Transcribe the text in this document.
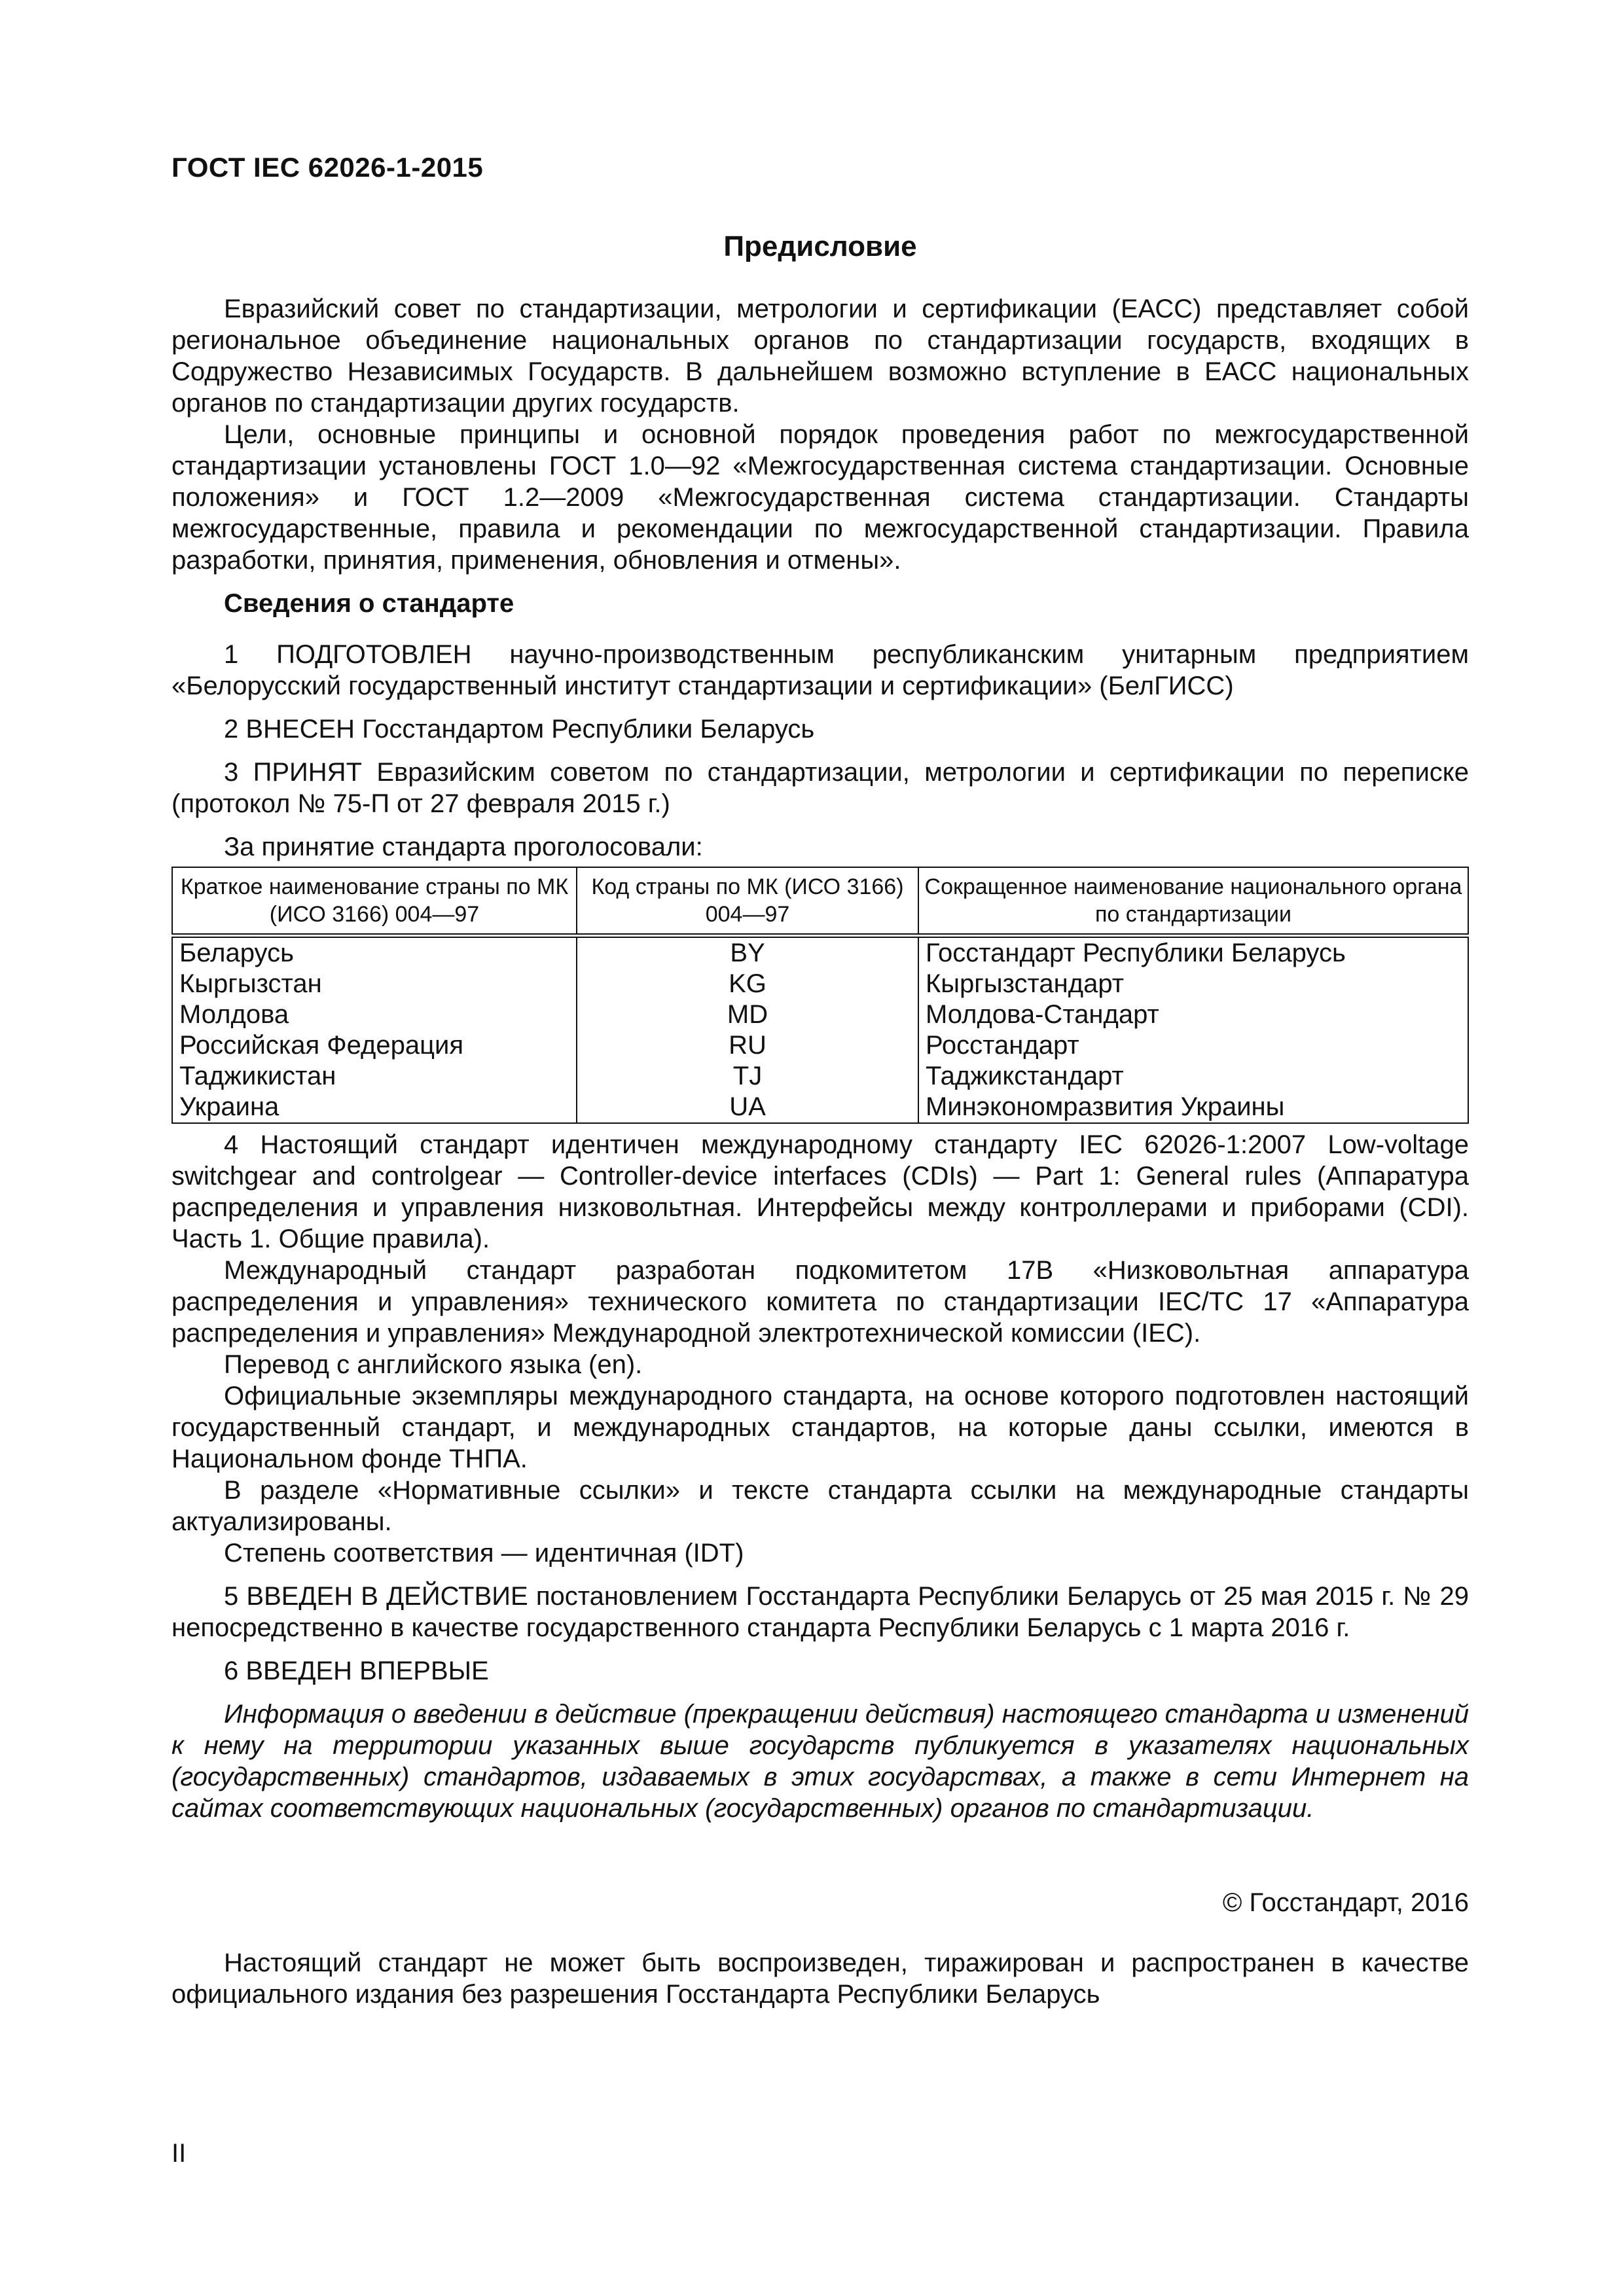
ГОСТ IEC 62026-1-2015
Предисловие

Евразийский совет по стандартизации, метрологии и сертификации (ЕАСС) представляет собой региональное объединение национальных органов по стандартизации государств, входящих в Содружество Независимых Государств. В дальнейшем возможно вступление в ЕАСС национальных органов по стандартизации других государств.

Цели, основные принципы и основной порядок проведения работ по межгосударственной стандартизации установлены ГОСТ 1.0—92 «Межгосударственная система стандартизации. Основные положения» и ГОСТ 1.2—2009 «Межгосударственная система стандартизации. Стандарты межгосударственные, правила и рекомендации по межгосударственной стандартизации. Правила разработки, принятия, применения, обновления и отмены».

Сведения о стандарте

1 ПОДГОТОВЛЕН научно-производственным республиканским унитарным предприятием «Белорусский государственный институт стандартизации и сертификации» (БелГИСС)

2 ВНЕСЕН Госстандартом Республики Беларусь

3 ПРИНЯТ Евразийским советом по стандартизации, метрологии и сертификации по переписке (протокол № 75-П от 27 февраля 2015 г.)

За принятие стандарта проголосовали:

Краткое наименование страны по МК (ИСО 3166) 004—97	Код страны по МК (ИСО 3166) 004—97	Сокращенное наименование национального органа по стандартизации
Беларусь	BY	Госстандарт Республики Беларусь
Кыргызстан	KG	Кыргызстандарт
Молдова	MD	Молдова-Стандарт
Российская Федерация	RU	Росстандарт
Таджикистан	TJ	Таджикстандарт
Украина	UA	Минэкономразвития Украины

4 Настоящий стандарт идентичен международному стандарту IEC 62026-1:2007 Low-voltage switchgear and controlgear — Controller-device interfaces (CDIs) — Part 1: General rules (Аппаратура распределения и управления низковольтная. Интерфейсы между контроллерами и приборами (CDI). Часть 1. Общие правила).

Международный стандарт разработан подкомитетом 17В «Низковольтная аппаратура распределения и управления» технического комитета по стандартизации IEC/TC 17 «Аппаратура распределения и управления» Международной электротехнической комиссии (IEC).

Перевод с английского языка (en).

Официальные экземпляры международного стандарта, на основе которого подготовлен настоящий государственный стандарт, и международных стандартов, на которые даны ссылки, имеются в Национальном фонде ТНПА.

В разделе «Нормативные ссылки» и тексте стандарта ссылки на международные стандарты актуализированы.

Степень соответствия — идентичная (IDT)

5 ВВЕДЕН В ДЕЙСТВИЕ постановлением Госстандарта Республики Беларусь от 25 мая 2015 г. № 29 непосредственно в качестве государственного стандарта Республики Беларусь с 1 марта 2016 г.

6 ВВЕДЕН ВПЕРВЫЕ

Информация о введении в действие (прекращении действия) настоящего стандарта и изменений к нему на территории указанных выше государств публикуется в указателях национальных (государственных) стандартов, издаваемых в этих государствах, а также в сети Интернет на сайтах соответствующих национальных (государственных) органов по стандартизации.

© Госстандарт, 2016

Настоящий стандарт не может быть воспроизведен, тиражирован и распространен в качестве официального издания без разрешения Госстандарта Республики Беларусь

II
